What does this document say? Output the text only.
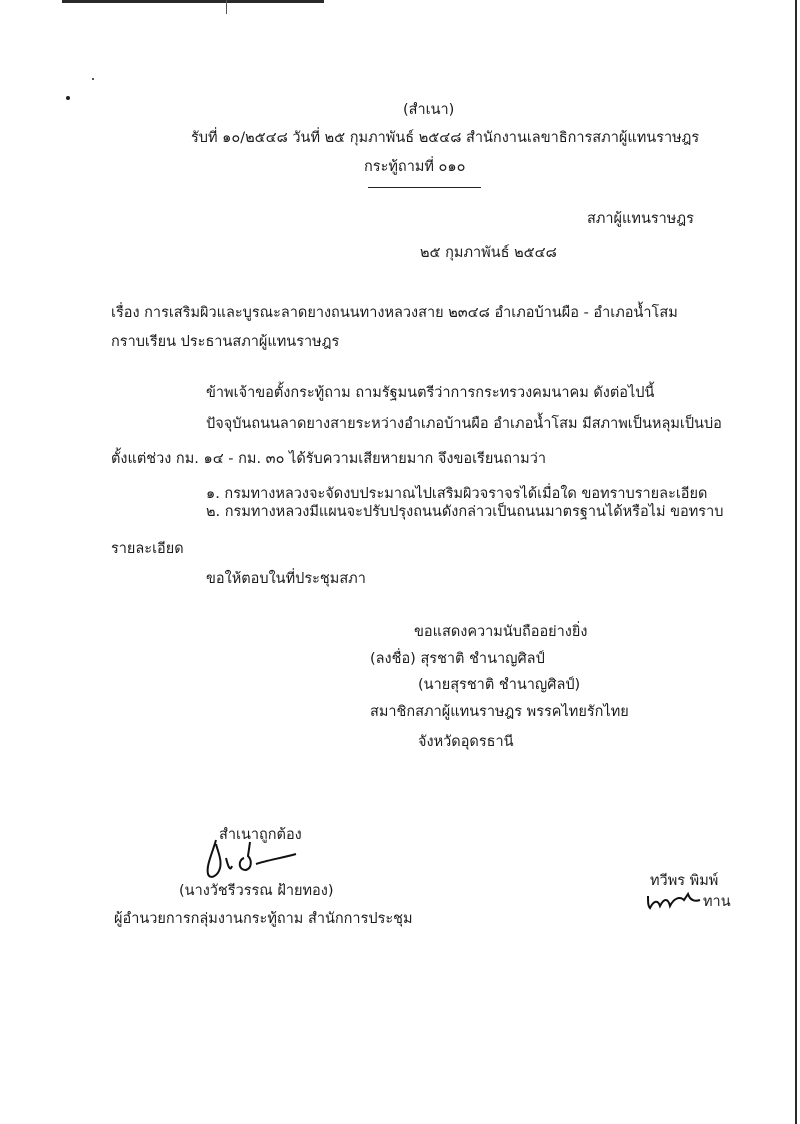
(สำเนา)
รับที่ ๑๐/๒๕๔๘ วันที่ ๒๕ กุมภาพันธ์ ๒๕๔๘ สำนักงานเลขาธิการสภาผู้แทนราษฎร
กระทู้ถามที่ ๐๑๐
สภาผู้แทนราษฎร
๒๕ กุมภาพันธ์ ๒๕๔๘
เรื่อง การเสริมผิวและบูรณะลาดยางถนนทางหลวงสาย ๒๓๔๘ อำเภอบ้านผือ - อำเภอน้ำโสม
กราบเรียน ประธานสภาผู้แทนราษฎร
ข้าพเจ้าขอตั้งกระทู้ถาม ถามรัฐมนตรีว่าการกระทรวงคมนาคม ดังต่อไปนี้
ปัจจุบันถนนลาดยางสายระหว่างอำเภอบ้านผือ อำเภอน้ำโสม มีสภาพเป็นหลุมเป็นบ่อ
ตั้งแต่ช่วง กม. ๑๔ - กม. ๓๐ ได้รับความเสียหายมาก จึงขอเรียนถามว่า
๑. กรมทางหลวงจะจัดงบประมาณไปเสริมผิวจราจรได้เมื่อใด ขอทราบรายละเอียด
๒. กรมทางหลวงมีแผนจะปรับปรุงถนนดังกล่าวเป็นถนนมาตรฐานได้หรือไม่ ขอทราบ
รายละเอียด
ขอให้ตอบในที่ประชุมสภา
ขอแสดงความนับถืออย่างยิ่ง
(ลงชื่อ) สุรชาติ ชำนาญศิลป์
(นายสุรชาติ ชำนาญศิลป์)
สมาชิกสภาผู้แทนราษฎร พรรคไทยรักไทย
จังหวัดอุดรธานี
สำเนาถูกต้อง
(นางวัชรีวรรณ ฝ้ายทอง)
ผู้อำนวยการกลุ่มงานกระทู้ถาม สำนักการประชุม
ทวีพร พิมพ์
ทาน
